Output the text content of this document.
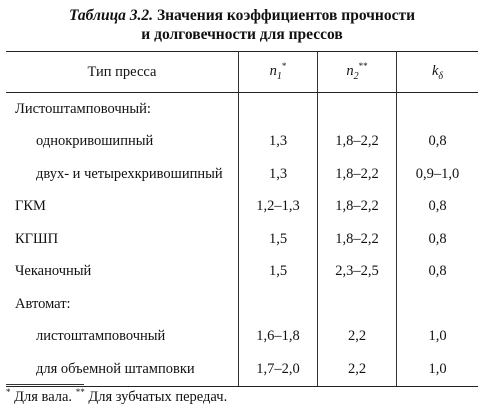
Таблица 3.2. Значения коэффициентов прочности
и долговечности для прессов
Тип пресса	$n_1^*$	$n_2^{**}$	$k_\delta$
Листоштамповочный:			
однокривошипный	1,3	1,8–2,2	0,8
двух- и четырехкривошипный	1,3	1,8–2,2	0,9–1,0
ГКМ	1,2–1,3	1,8–2,2	0,8
КГШП	1,5	1,8–2,2	0,8
Чеканочный	1,5	2,3–2,5	0,8
Автомат:			
листоштамповочный	1,6–1,8	2,2	1,0
для объемной штамповки	1,7–2,0	2,2	1,0
* Для вала. ** Для зубчатых передач.
